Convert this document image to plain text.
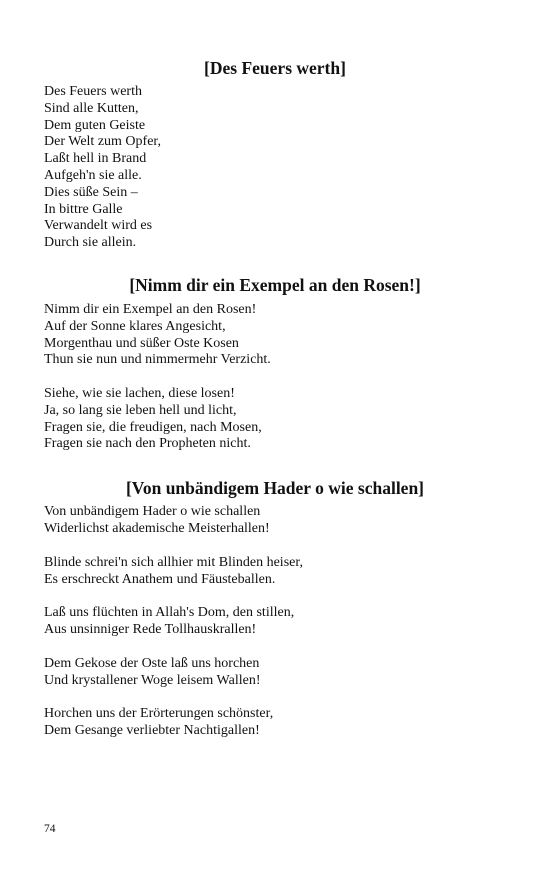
[Des Feuers werth]

Des Feuers werth
Sind alle Kutten,
Dem guten Geiste
Der Welt zum Opfer,
Laßt hell in Brand
Aufgeh'n sie alle.
Dies süße Sein –
In bittre Galle
Verwandelt wird es
Durch sie allein.

[Nimm dir ein Exempel an den Rosen!]

Nimm dir ein Exempel an den Rosen!
Auf der Sonne klares Angesicht,
Morgenthau und süßer Oste Kosen
Thun sie nun und nimmermehr Verzicht.

Siehe, wie sie lachen, diese losen!
Ja, so lang sie leben hell und licht,
Fragen sie, die freudigen, nach Mosen,
Fragen sie nach den Propheten nicht.

[Von unbändigem Hader o wie schallen]

Von unbändigem Hader o wie schallen
Widerlichst akademische Meisterhallen!

Blinde schrei'n sich allhier mit Blinden heiser,
Es erschreckt Anathem und Fäusteballen.

Laß uns flüchten in Allah's Dom, den stillen,
Aus unsinniger Rede Tollhauskrallen!

Dem Gekose der Oste laß uns horchen
Und krystallener Woge leisem Wallen!

Horchen uns der Erörterungen schönster,
Dem Gesange verliebter Nachtigallen!

74
